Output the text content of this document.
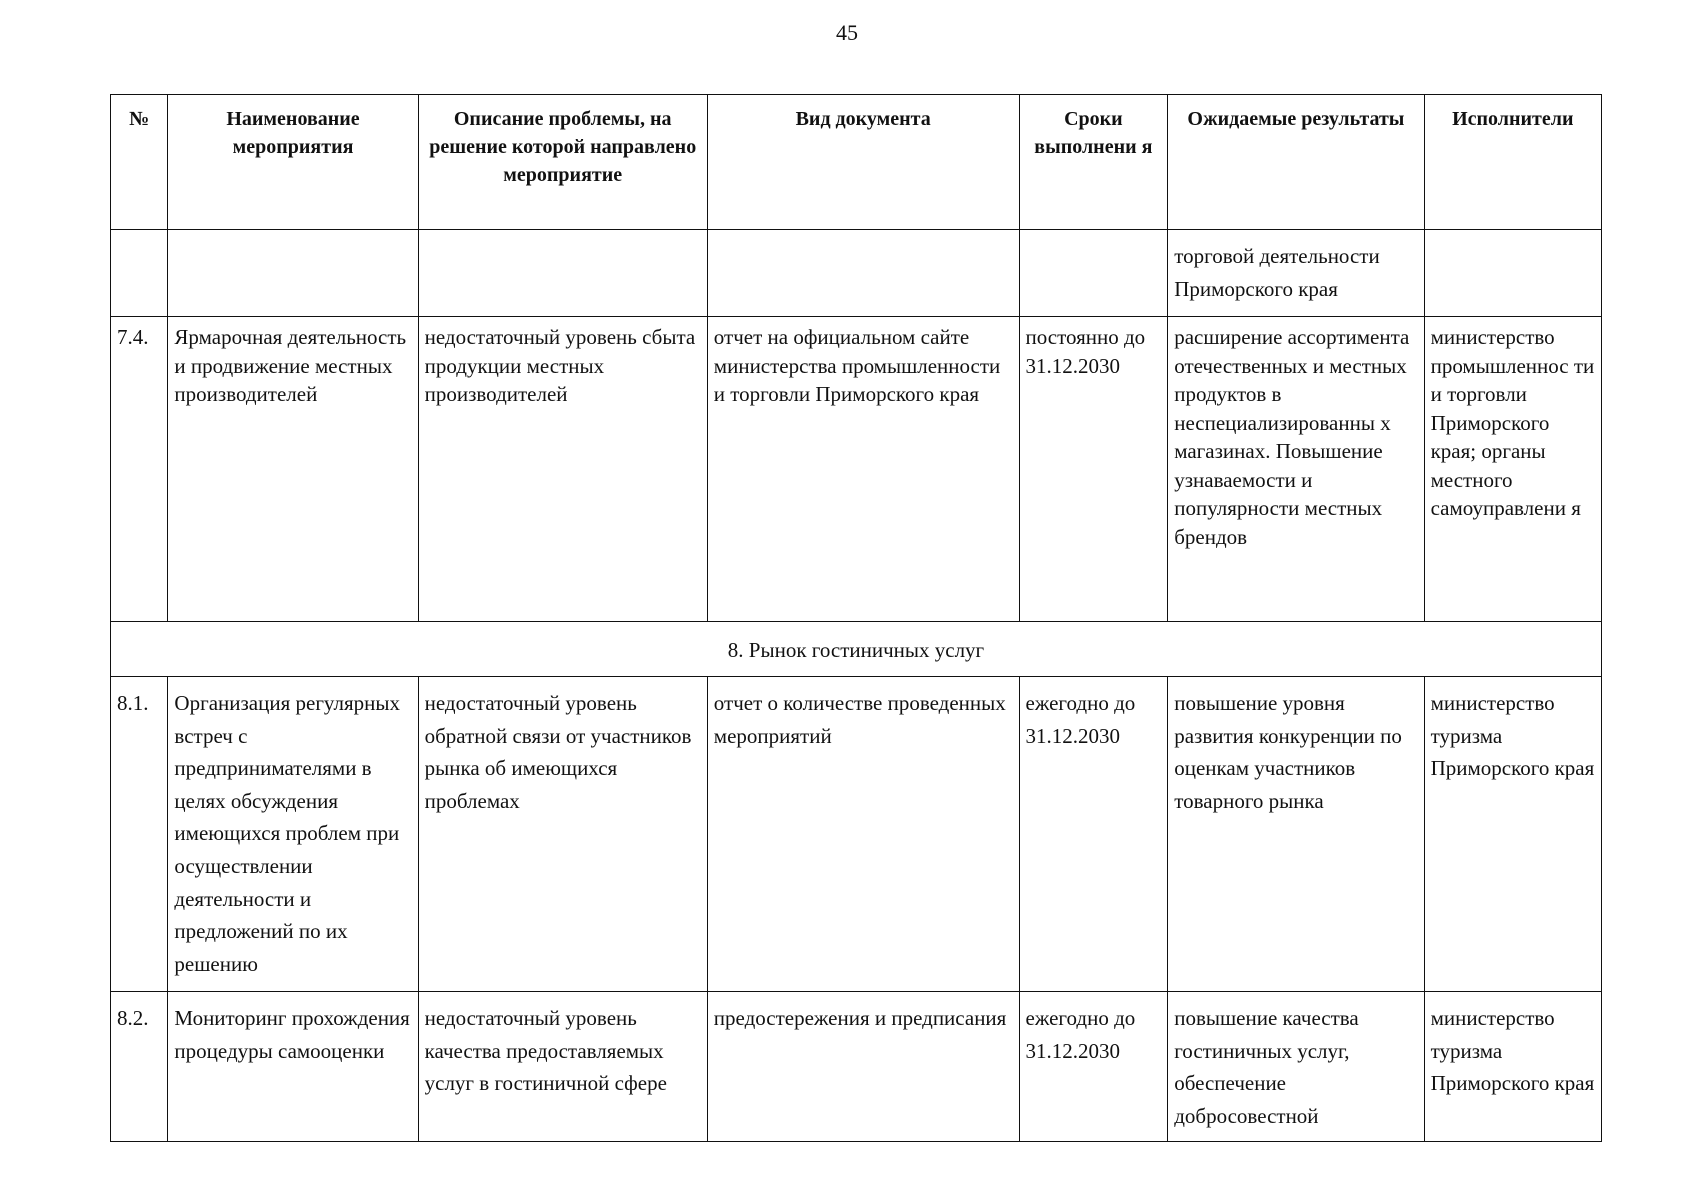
45
№	Наименование мероприятия	Описание проблемы, на решение которой направлено мероприятие	Вид документа	Сроки выполнени я	Ожидаемые результаты	Исполнители
					торговой деятельности Приморского края	
7.4.	Ярмарочная деятельность и продвижение местных производителей	недостаточный уровень сбыта продукции местных производителей	отчет на официальном сайте министерства промышленности и торговли Приморского края	постоянно до 31.12.2030	расширение ассортимента отечественных и местных продуктов в неспециализированны х магазинах. Повышение узнаваемости и популярности местных брендов	министерство промышленнос ти и торговли Приморского края; органы местного самоуправлени я
8. Рынок гостиничных услуг						
8.1.	Организация регулярных встреч с предпринимателями в целях обсуждения имеющихся проблем при осуществлении деятельности и предложений по их решению	недостаточный уровень обратной связи от участников рынка об имеющихся проблемах	отчет о количестве проведенных мероприятий	ежегодно до 31.12.2030	повышение уровня развития конкуренции по оценкам участников товарного рынка	министерство туризма Приморского края
8.2.	Мониторинг прохождения процедуры самооценки	недостаточный уровень качества предоставляемых услуг в гостиничной сфере	предостережения и предписания	ежегодно до 31.12.2030	повышение качества гостиничных услуг, обеспечение добросовестной	министерство туризма Приморского края
